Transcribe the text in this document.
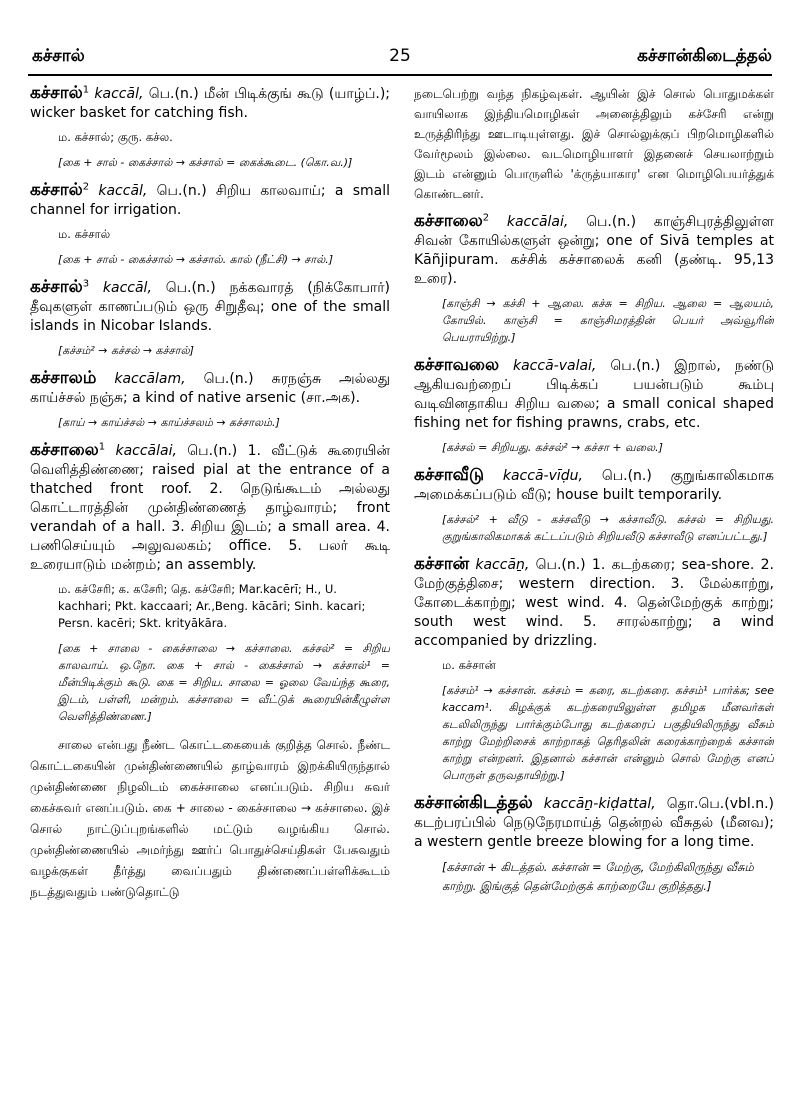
கச்சால்	25	கச்சான்கிடைத்தல்
கச்சால்$^1$ kaccāl, பெ.(n.) மீன் பிடிக்குங் கூடு (யாழ்ப்.); wicker basket for catching fish.
ம. கச்சால்; குரு. கச்ல.
[கை + சால் - கைச்சால் → கச்சால் = கைக்கூடை. (கொ.வ.)]
கச்சால்$^2$ kaccāl, பெ.(n.) சிறிய காலவாய்; a small channel for irrigation.
ம. கச்சால்
[கை + சால் - கைச்சால் → கச்சால். கால் (நீட்சி) → சால்.]
கச்சால்$^3$ kaccāl, பெ.(n.) நக்கவாரத் (நிக்கோபார்) தீவுகளுள் காணப்படும் ஒரு சிறுதீவு; one of the small islands in Nicobar Islands.
[கச்சம்² → கச்சல் → கச்சால்]
கச்சாலம் kaccālam, பெ.(n.) சுரநஞ்சு அல்லது காய்ச்சல் நஞ்சு; a kind of native arsenic (சா.அக).
[காய் → காய்ச்சல் → காய்ச்சலம் → கச்சாலம்.]
கச்சாலை$^1$ kaccālai, பெ.(n.) 1. வீட்டுக் கூரையின் வெளித்திண்ணை; raised pial at the entrance of a thatched front roof. 2. நெடுங்கூடம் அல்லது கொட்டாரத்தின் முன்திண்ணைத் தாழ்வாரம்; front verandah of a hall. 3. சிறிய இடம்; a small area. 4. பணிசெய்யும் அலுவலகம்; office. 5. பலர் கூடி உரையாடும் மன்றம்; an assembly.
ம. கச்சேரி; க. கசேரி; தெ. கச்சேரி; Mar.kacērī; H., U. kachhari; Pkt. kaccaari; Ar.,Beng. kācāri; Sinh. kacari; Persn. kacēri; Skt. krityākāra.
[கை + சாலை - கைச்சாலை → கச்சாலை. கச்சல்² = சிறிய காலவாய். ஒ.நோ. கை + சால் - கைச்சால் → கச்சால்¹ = மீன்பிடிக்கும் கூடு. கை = சிறிய. சாலை = ஓலை வேய்ந்த கூரை, இடம், பள்ளி, மன்றம். கச்சாலை = வீட்டுக் கூரையின்கீழுள்ள வெளித்திண்ணை.]
சாலை என்பது நீண்ட கொட்டகையைக் குறித்த சொல். நீண்ட கொட்டகையின் முன்திண்ணையில் தாழ்வாரம் இறக்கியிருந்தால் முன்திண்ணை நிழலிடம் கைச்சாலை எனப்படும். சிறிய சுவர் கைச்சுவர் எனப்படும். கை + சாலை - கைச்சாலை → கச்சாலை. இச் சொல் நாட்டுப்புறங்களில் மட்டும் வழங்கிய சொல். முன்திண்ணையில் அமர்ந்து ஊர்ப் பொதுச்செய்திகள் பேசுவதும் வழக்குகள் தீர்த்து வைப்பதும் திண்ணைப்பள்ளிக்கூடம் நடத்துவதும் பண்டுதொட்டு
நடைபெற்று வந்த நிகழ்வுகள். ஆயின் இச் சொல் பொதுமக்கள் வாயிலாக இந்தியமொழிகள் அனைத்திலும் கச்சேரி என்று உருத்திரிந்து ஊடாடியுள்ளது. இச் சொல்லுக்குப் பிறமொழிகளில் வேர்மூலம் இல்லை. வடமொழியாளர் இதனைச் செயலாற்றும் இடம் என்னும் பொருளில் 'க்ருத்யாகார' என மொழிபெயர்த்துக் கொண்டனர்.
கச்சாலை$^2$ kaccālai, பெ.(n.) காஞ்சிபுரத்திலுள்ள சிவன் கோயில்களுள் ஒன்று; one of Sivā temples at Kāñjipuram. கச்சிக் கச்சாலைக் கனி (தண்டி. 95,13 உரை).
[காஞ்சி → கச்சி + ஆலை. கச்சு = சிறிய. ஆலை = ஆலயம், கோயில். காஞ்சி = காஞ்சிமரத்தின் பெயர் அவ்வூரின் பெயராயிற்று.]
கச்சாவலை kaccā-valai, பெ.(n.) இறால், நண்டு ஆகியவற்றைப் பிடிக்கப் பயன்படும் கூம்பு வடிவினதாகிய சிறிய வலை; a small conical shaped fishing net for fishing prawns, crabs, etc.
[கச்சல் = சிறியது. கச்சல்² → கச்சா + வலை.]
கச்சாவீடு kaccā-vīḍu, பெ.(n.) குறுங்காலிகமாக அமைக்கப்படும் வீடு; house built temporarily.
[கச்சல்² + வீடு - கச்சவீடு → கச்சாவீடு. கச்சல் = சிறியது. குறுங்காலிகமாகக் கட்டப்படும் சிறியவீடு கச்சாவீடு எனப்பட்டது.]
கச்சான் kaccāṉ, பெ.(n.) 1. கடற்கரை; sea-shore. 2. மேற்குத்திசை; western direction. 3. மேல்காற்று, கோடைக்காற்று; west wind. 4. தென்மேற்குக் காற்று; south west wind. 5. சாரல்காற்று; a wind accompanied by drizzling.
ம. கச்சான்
[கச்சம்¹ → கச்சான். கச்சம் = கரை, கடற்கரை. கச்சம்¹ பார்க்க; see kaccam¹. கிழக்குக் கடற்கரையிலுள்ள தமிழக மீனவர்கள் கடலிலிருந்து பார்க்கும்போது கடற்கரைப் பகுதியிலிருந்து வீசும் காற்று மேற்றிசைக் காற்றாகத் தெரிதலின் கரைக்காற்றைக் கச்சான் காற்று என்றனர். இதனால் கச்சான் என்னும் சொல் மேற்கு எனப் பொருள் தருவதாயிற்று.]
கச்சான்கிடத்தல் kaccāṉ-kiḍattal, தொ.பெ.(vbl.n.) கடற்பரப்பில் நெடுநேரமாய்த் தென்றல் வீசுதல் (மீனவ); a western gentle breeze blowing for a long time.
[கச்சான் + கிடத்தல். கச்சான் = மேற்கு, மேற்கிலிருந்து வீசும் காற்று. இங்குத் தென்மேற்குக் காற்றையே குறித்தது.]
